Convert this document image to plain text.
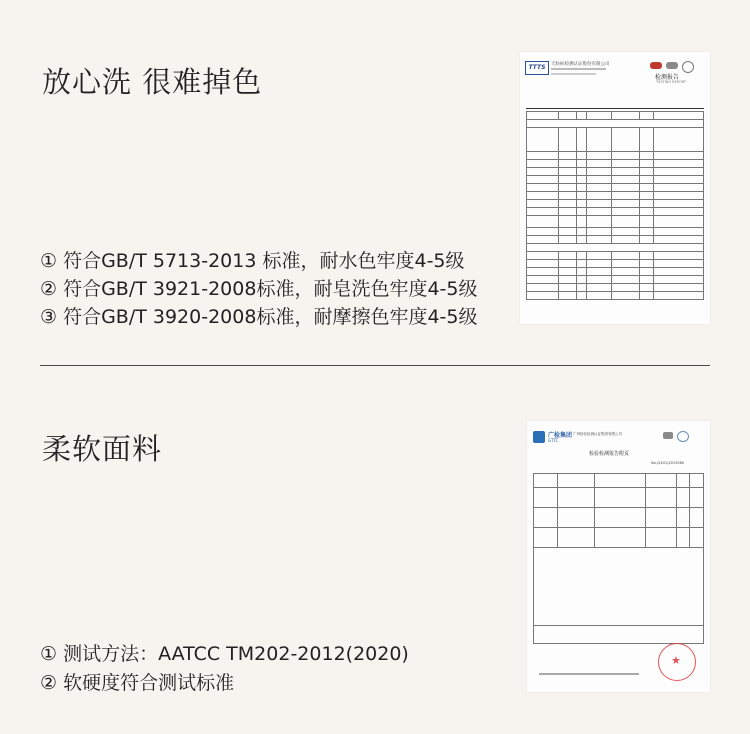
放心洗 很难掉色
① 符合GB/T 5713-2013 标准，耐水色牢度4-5级
② 符合GB/T 3921-2008标准，耐皂洗色牢度4-5级
③ 符合GB/T 3920-2008标准，耐摩擦色牢度4-5级
TTTS	天纺标检测认证股份有限公司
检测报告
TESTING REPORT

柔软面料
① 测试方法：AATCC TM202-2012(2020)
② 软硬度符合测试标准
广检集团
GTTC
广州检验检测认证集团有限公司
检验检测报告附页
No.(2401)2013080

★
